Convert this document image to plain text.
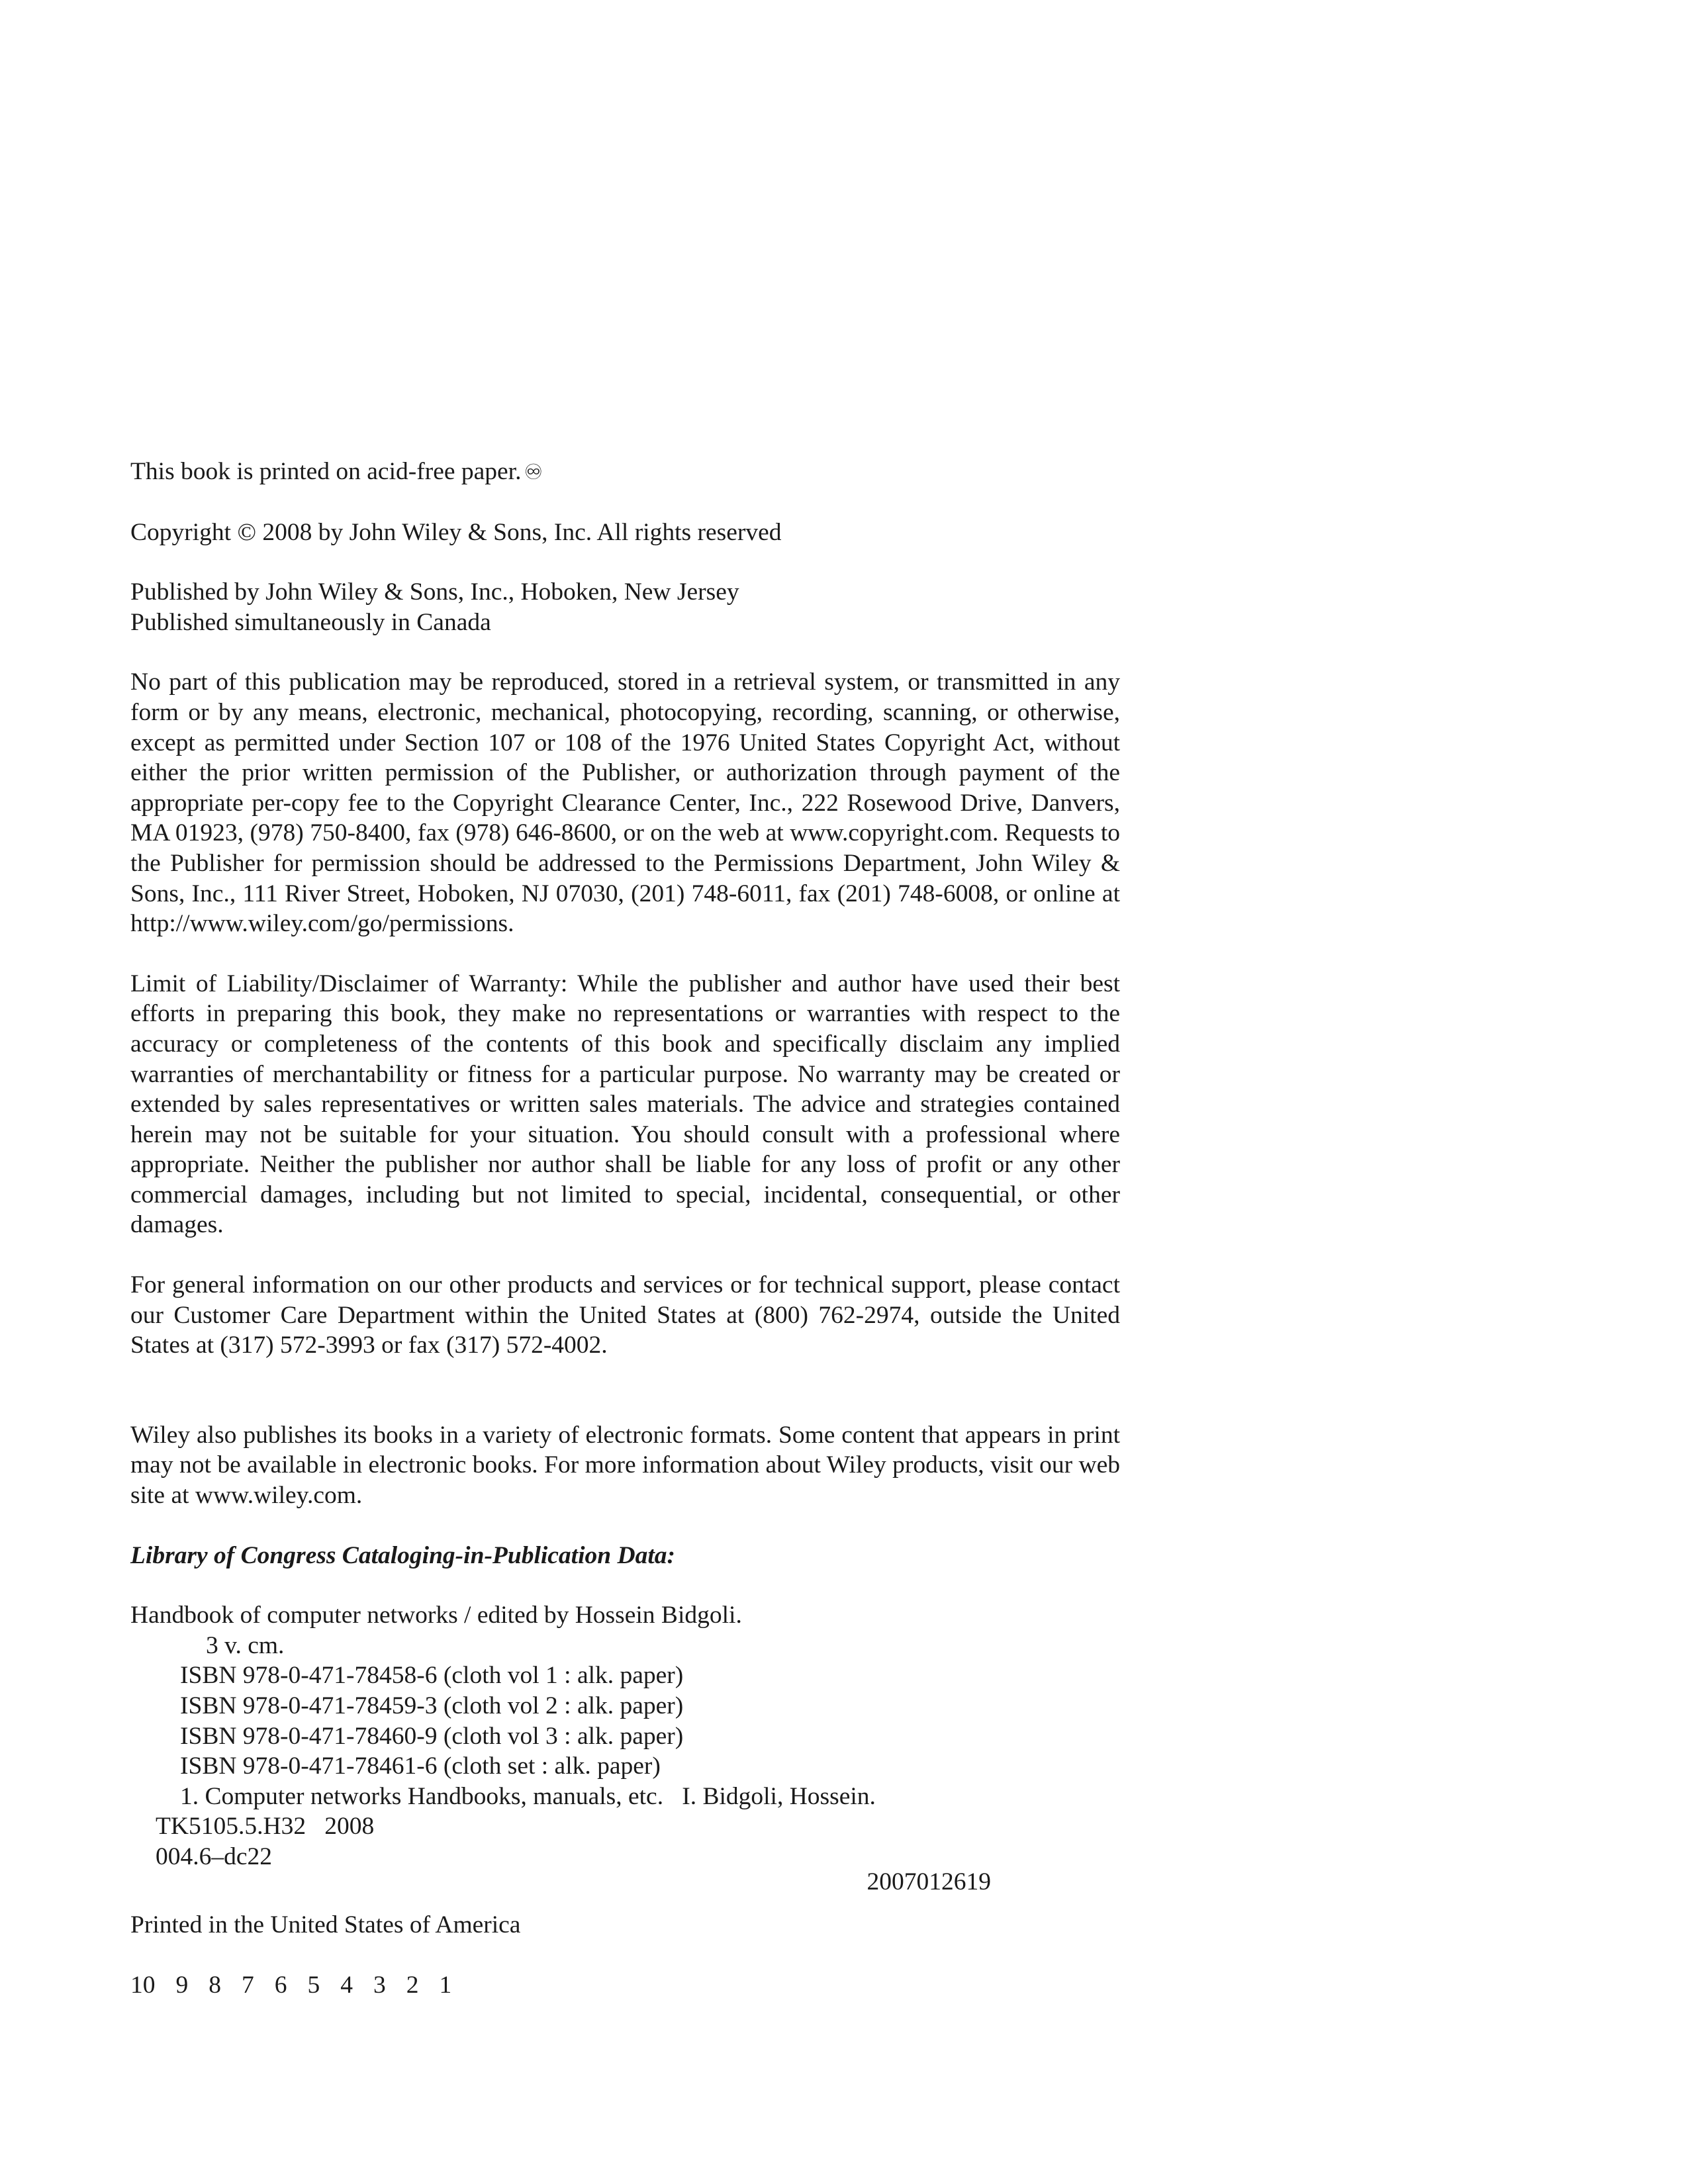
This book is printed on acid-free paper. ♾

Copyright © 2008 by John Wiley & Sons, Inc. All rights reserved

Published by John Wiley & Sons, Inc., Hoboken, New Jersey

Published simultaneously in Canada

No part of this publication may be reproduced, stored in a retrieval system, or transmitted in any form or by any means, electronic, mechanical, photocopying, recording, scanning, or otherwise, except as permitted under Section 107 or 108 of the 1976 United States Copyright Act, without either the prior written permission of the Publisher, or authorization through payment of the appropriate per-copy fee to the Copyright Clearance Center, Inc., 222 Rosewood Drive, Danvers, MA 01923, (978) 750-8400, fax (978) 646-8600, or on the web at www.copyright.com. Requests to the Publisher for permission should be addressed to the Permissions Department, John Wiley & Sons, Inc., 111 River Street, Hoboken, NJ 07030, (201) 748-6011, fax (201) 748-6008, or online at http://www.wiley.com/go/permissions.

Limit of Liability/Disclaimer of Warranty: While the publisher and author have used their best efforts in preparing this book, they make no representations or warranties with respect to the accuracy or completeness of the contents of this book and specifically disclaim any implied warranties of merchantability or fitness for a particular purpose. No warranty may be created or extended by sales representatives or written sales materials. The advice and strategies contained herein may not be suitable for your situation. You should consult with a professional where appropriate. Neither the publisher nor author shall be liable for any loss of profit or any other commercial damages, including but not limited to special, incidental, consequential, or other damages.

For general information on our other products and services or for technical support, please contact our Customer Care Department within the United States at (800) 762-2974, outside the United States at (317) 572-3993 or fax (317) 572-4002.

Wiley also publishes its books in a variety of electronic formats. Some content that appears in print may not be available in electronic books. For more information about Wiley products, visit our web site at www.wiley.com.

Library of Congress Cataloging-in-Publication Data:

Handbook of computer networks / edited by Hossein Bidgoli.

3 v. cm.

ISBN 978-0-471-78458-6 (cloth vol 1 : alk. paper)

ISBN 978-0-471-78459-3 (cloth vol 2 : alk. paper)

ISBN 978-0-471-78460-9 (cloth vol 3 : alk. paper)

ISBN 978-0-471-78461-6 (cloth set : alk. paper)

1. Computer networks Handbooks, manuals, etc. I. Bidgoli, Hossein.

TK5105.5.H32   2008

004.6–dc22

2007012619

Printed in the United States of America

10 9 8 7 6 5 4 3 2 1
